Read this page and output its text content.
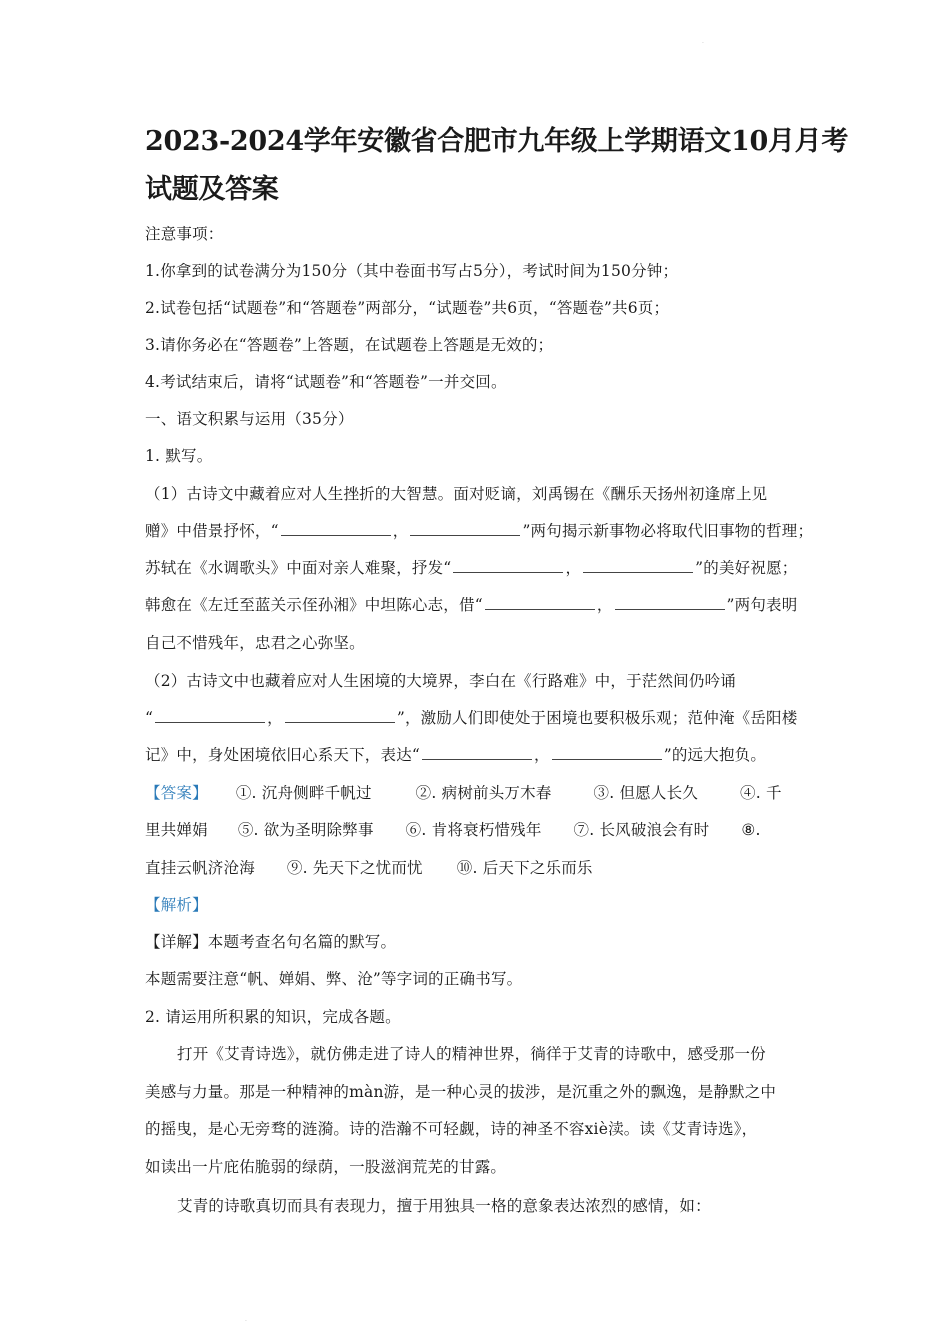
·
2023-2024学年安徽省合肥市九年级上学期语文10月月考
试题及答案
注意事项：
1.你拿到的试卷满分为150分（其中卷面书写占5分），考试时间为150分钟；
2.试卷包括“试题卷”和“答题卷”两部分，“试题卷”共6页，“答题卷”共6页；
3.请你务必在“答题卷”上答题，在试题卷上答题是无效的；
4.考试结束后，请将“试题卷”和“答题卷”一并交回。
一、语文积累与运用（35分）
1. 默写。
（1）古诗文中藏着应对人生挫折的大智慧。面对贬谪，刘禹锡在《酬乐天扬州初逢席上见
赠》中借景抒怀，“	，	”两句揭示新事物必将取代旧事物的哲理；
苏轼在《水调歌头》中面对亲人难聚，抒发“	，	”的美好祝愿；
韩愈在《左迁至蓝关示侄孙湘》中坦陈心志，借“	，	”两句表明
自己不惜残年，忠君之心弥坚。
（2）古诗文中也藏着应对人生困境的大境界，李白在《行路难》中，于茫然间仍吟诵
“	，	”，激励人们即使处于困境也要积极乐观；范仲淹《岳阳楼
记》中，身处困境依旧心系天下，表达“	，	”的远大抱负。
【答案】 ①. 沉舟侧畔千帆过	②. 病树前头万木春	③. 但愿人长久	④. 千
里共婵娟 ⑤. 欲为圣明除弊事 ⑥. 肯将衰朽惜残年 ⑦. 长风破浪会有时 ⑧.
直挂云帆济沧海 ⑨. 先天下之忧而忧 ⑩. 后天下之乐而乐
【解析】
【详解】本题考查名句名篇的默写。
本题需要注意“帆、婵娟、弊、沧”等字词的正确书写。
2. 请运用所积累的知识，完成各题。
打开《艾青诗选》，就仿佛走进了诗人的精神世界，徜徉于艾青的诗歌中，感受那一份
美感与力量。那是一种精神的màn游，是一种心灵的拔涉，是沉重之外的飘逸，是静默之中
的摇曳，是心无旁骛的涟漪。诗的浩瀚不可轻觑，诗的神圣不容xiè渎。读《艾青诗选》，
如读出一片庇佑脆弱的绿荫，一股滋润荒芜的甘露。
艾青的诗歌真切而具有表现力，擅于用独具一格的意象表达浓烈的感情，如：
·
